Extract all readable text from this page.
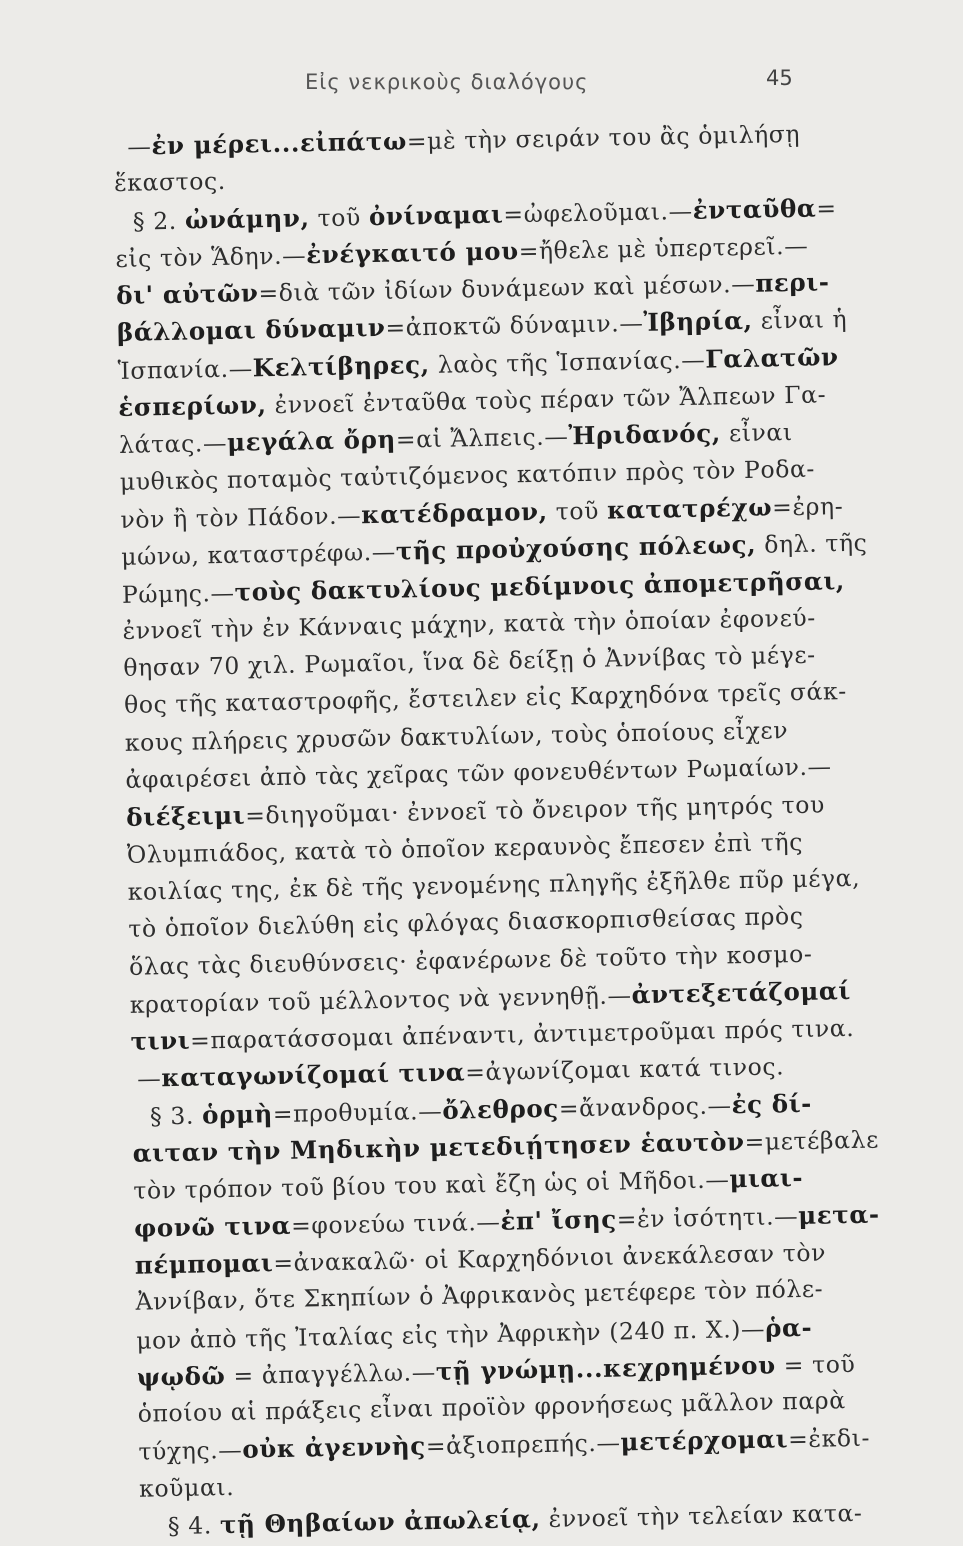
Εἰς νεκρικοὺς διαλόγους	45
—ἐν μέρει...εἰπάτω=μὲ τὴν σειράν του ἂς ὁμιλήσῃ
ἕκαστος.
§ 2. ὠνάμην, τοῦ ὀνίναμαι=ὠφελοῦμαι.—ἐνταῦθα=
εἰς τὸν Ἅδην.—ἐνέγκαιτό μου=ἤθελε μὲ ὑπερτερεῖ.—
δι' αὐτῶν=διὰ τῶν ἰδίων δυνάμεων καὶ μέσων.—περι-
βάλλομαι δύναμιν=ἀποκτῶ δύναμιν.—Ἰβηρία, εἶναι ἡ
Ἱσπανία.—Κελτίβηρες, λαὸς τῆς Ἱσπανίας.—Γαλατῶν
ἑσπερίων, ἐννοεῖ ἐνταῦθα τοὺς πέραν τῶν Ἄλπεων Γα-
λάτας.—μεγάλα ὄρη=αἱ Ἄλπεις.—Ἠριδανός, εἶναι
μυθικὸς ποταμὸς ταὐτιζόμενος κατόπιν πρὸς τὸν Ροδα-
νὸν ἢ τὸν Πάδον.—κατέδραμον, τοῦ κατατρέχω=ἐρη-
μώνω, καταστρέφω.—τῆς προὐχούσης πόλεως, δηλ. τῆς
Ρώμης.—τοὺς δακτυλίους μεδίμνοις ἀπομετρῆσαι,
ἐννοεῖ τὴν ἐν Κάνναις μάχην, κατὰ τὴν ὁποίαν ἐφονεύ-
θησαν 70 χιλ. Ρωμαῖοι, ἵνα δὲ δείξῃ ὁ Ἀννίβας τὸ μέγε-
θος τῆς καταστροφῆς, ἔστειλεν εἰς Καρχηδόνα τρεῖς σάκ-
κους πλήρεις χρυσῶν δακτυλίων, τοὺς ὁποίους εἶχεν
ἀφαιρέσει ἀπὸ τὰς χεῖρας τῶν φονευθέντων Ρωμαίων.—
διέξειμι=διηγοῦμαι· ἐννοεῖ τὸ ὄνειρον τῆς μητρός του
Ὀλυμπιάδος, κατὰ τὸ ὁποῖον κεραυνὸς ἔπεσεν ἐπὶ τῆς
κοιλίας της, ἐκ δὲ τῆς γενομένης πληγῆς ἐξῆλθε πῦρ μέγα,
τὸ ὁποῖον διελύθη εἰς φλόγας διασκορπισθείσας πρὸς
ὅλας τὰς διευθύνσεις· ἐφανέρωνε δὲ τοῦτο τὴν κοσμο-
κρατορίαν τοῦ μέλλοντος νὰ γεννηθῇ.—ἀντεξετάζομαί
τινι=παρατάσσομαι ἀπέναντι, ἀντιμετροῦμαι πρός τινα.
—καταγωνίζομαί τινα=ἀγωνίζομαι κατά τινος.
§ 3. ὁρμὴ=προθυμία.—ὄλεθρος=ἄνανδρος.—ἐς δί-
αιταν τὴν Μηδικὴν μετεδιῄτησεν ἑαυτὸν=μετέβαλε
τὸν τρόπον τοῦ βίου του καὶ ἔζη ὡς οἱ Μῆδοι.—μιαι-
φονῶ τινα=φονεύω τινά.—ἐπ' ἴσης=ἐν ἰσότητι.—μετα-
πέμπομαι=ἀνακαλῶ· οἱ Καρχηδόνιοι ἀνεκάλεσαν τὸν
Ἀννίβαν, ὅτε Σκηπίων ὁ Ἀφρικανὸς μετέφερε τὸν πόλε-
μον ἀπὸ τῆς Ἰταλίας εἰς τὴν Ἀφρικὴν (240 π. Χ.)—ῥα-
ψῳδῶ = ἀπαγγέλλω.—τῇ γνώμῃ...κεχρημένου = τοῦ
ὁποίου αἱ πράξεις εἶναι προϊὸν φρονήσεως μᾶλλον παρὰ
τύχης.—οὐκ ἀγεννὴς=ἀξιοπρεπής.—μετέρχομαι=ἐκδι-
κοῦμαι.
§ 4. τῇ Θηβαίων ἀπωλείᾳ, ἐννοεῖ τὴν τελείαν κατα-
